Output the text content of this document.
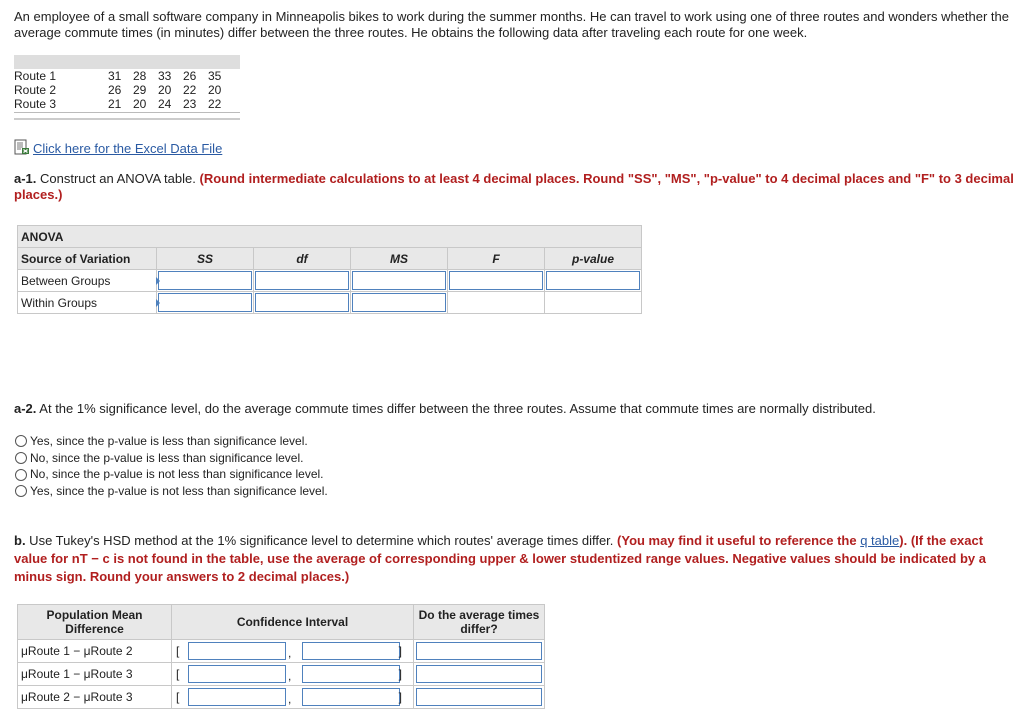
An employee of a small software company in Minneapolis bikes to work during the summer months. He can travel to work using one of three routes and wonders whether the average commute times (in minutes) differ between the three routes. He obtains the following data after traveling each route for one week.
Route 1	31	28	33	26	35
Route 2	26	29	20	22	20
Route 3	21	20	24	23	22
Click here for the Excel Data File
a-1. Construct an ANOVA table. (Round intermediate calculations to at least 4 decimal places. Round "SS", "MS", "p-value" to 4 decimal places and "F" to 3 decimal places.)
ANOVA					
Source of Variation	SS	df	MS	F	p-value
Between Groups	

Within Groups	

a-2. At the 1% significance level, do the average commute times differ between the three routes. Assume that commute times are normally distributed.
Yes, since the p-value is less than significance level.
No, since the p-value is less than significance level.
No, since the p-value is not less than significance level.
Yes, since the p-value is not less than significance level.
b. Use Tukey's HSD method at the 1% significance level to determine which routes' average times differ. (You may find it useful to reference the q table). (If the exact value for nT − c is not found in the table, use the average of corresponding upper & lower studentized range values. Negative values should be indicated by a minus sign. Round your answers to 2 decimal places.)
Population Mean Difference	Confidence Interval	Do the average times differ?
μRoute 1 − μRoute 2	[ , ]	

μRoute 1 − μRoute 3	[ , ]	

μRoute 2 − μRoute 3	[ , ]	
